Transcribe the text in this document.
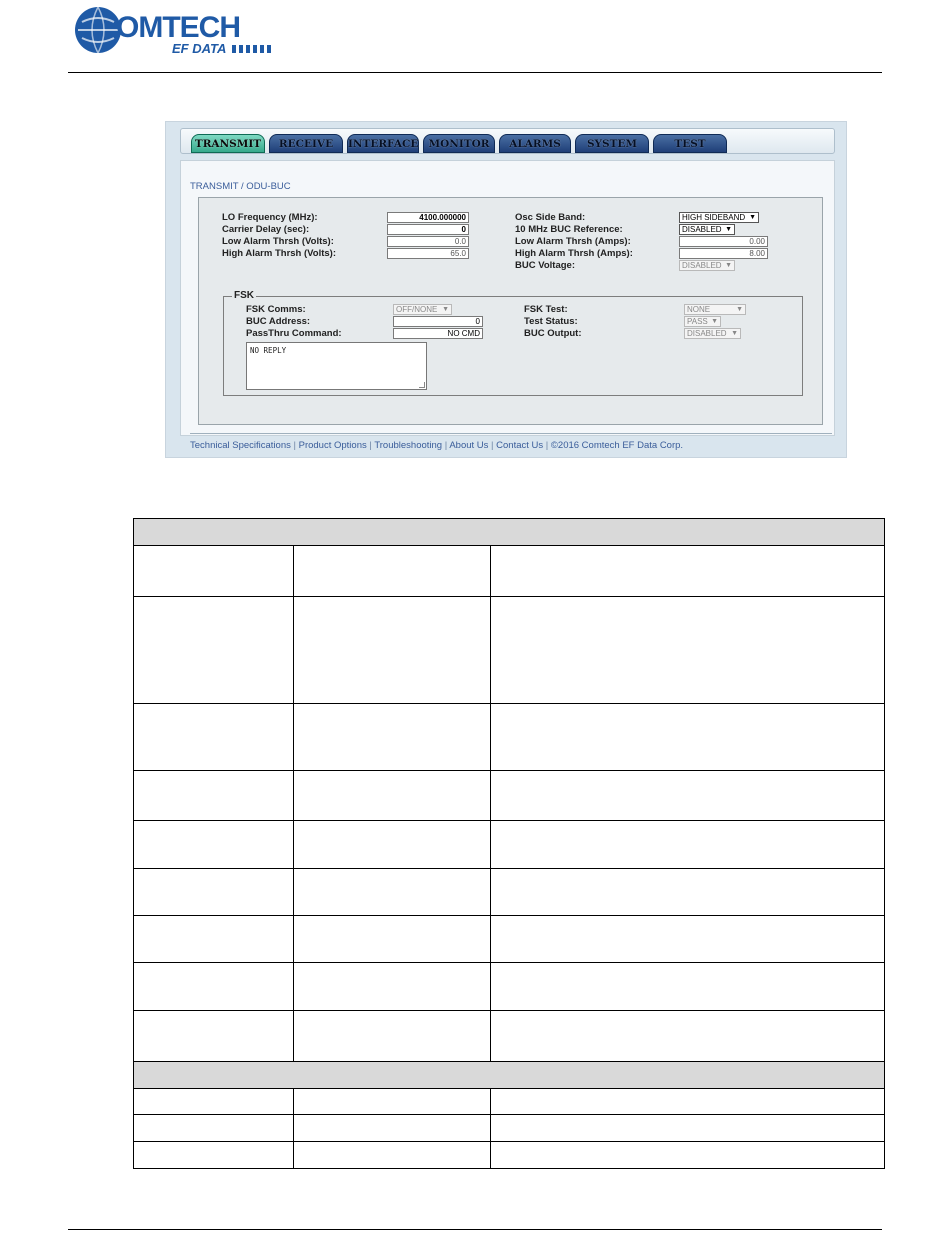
OMTECH
EF DATA
TRANSMIT	RECEIVE	INTERFACE MONITOR	ALARMS	SYSTEM	TEST
TRANSMIT / ODU-BUC
LO Frequency (MHz):	4100.000000
Carrier Delay (sec):	0
Low Alarm Thrsh (Volts):	0.0
High Alarm Thrsh (Volts):	65.0
Osc Side Band:	HIGH SIDEBAND ▼
10 MHz BUC Reference:	DISABLED ▼
Low Alarm Thrsh (Amps):	0.00
High Alarm Thrsh (Amps):	8.00
BUC Voltage:	DISABLED ▼
FSK
FSK Comms:	OFF/NONE ▼
BUC Address:	0
PassThru Command:	NO CMD
NO REPLY
FSK Test:	NONE	▼
Test Status:	PASS ▼
BUC Output:	DISABLED ▼
Technical Specifications | Product Options | Troubleshooting | About Us | Contact Us | ©2016 Comtech EF Data Corp.
